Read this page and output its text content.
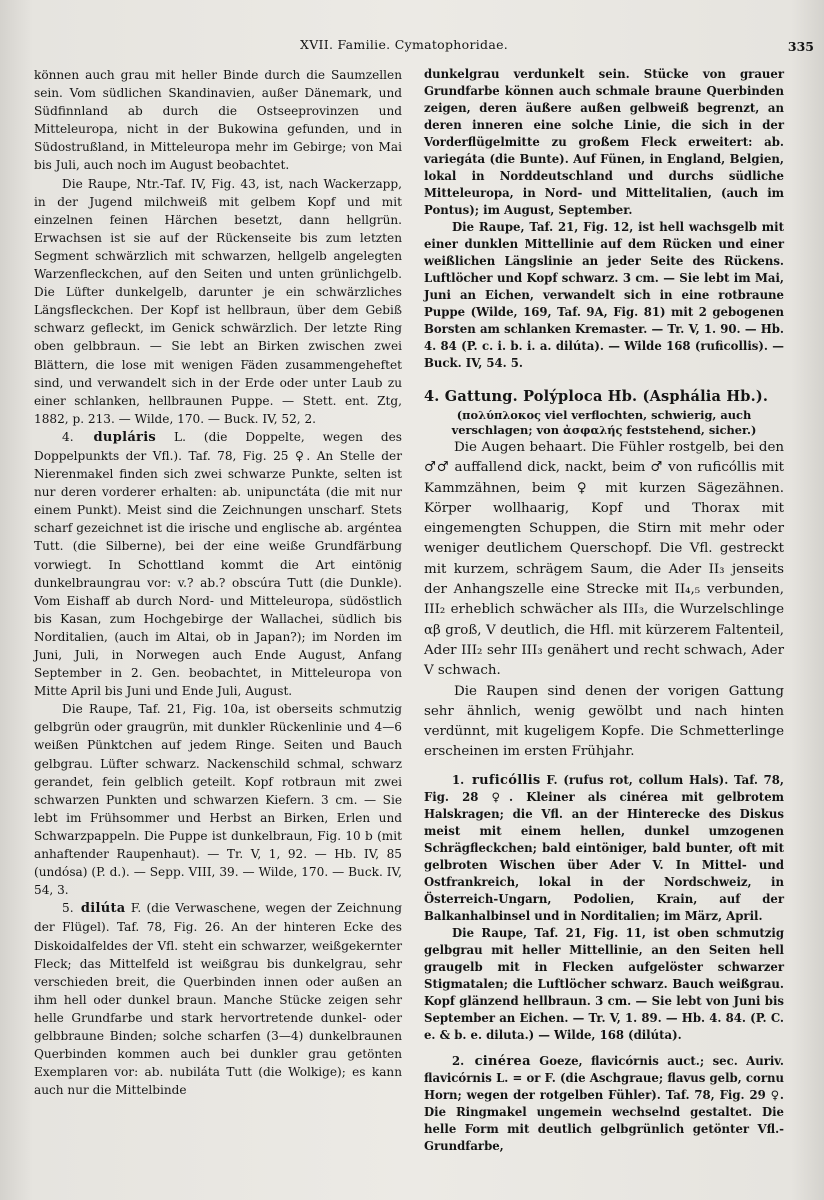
XVII. Familie. Cymatophoridae.	335

können auch grau mit heller Binde durch die Saumzellen sein. Vom südlichen Skandinavien, außer Dänemark, und Südfinnland ab durch die Ostseeprovinzen und Mitteleuropa, nicht in der Bukowina gefunden, und in Südostrußland, in Mitteleuropa mehr im Gebirge; von Mai bis Juli, auch noch im August beobachtet.

Die Raupe, Ntr.-Taf. IV, Fig. 43, ist, nach Wackerzapp, in der Jugend milchweiß mit gelbem Kopf und mit einzelnen feinen Härchen besetzt, dann hellgrün. Erwachsen ist sie auf der Rückenseite bis zum letzten Segment schwärzlich mit schwarzen, hellgelb angelegten Warzenfleckchen, auf den Seiten und unten grünlichgelb. Die Lüfter dunkelgelb, darunter je ein schwärzliches Längsfleckchen. Der Kopf ist hellbraun, über dem Gebiß schwarz gefleckt, im Genick schwärzlich. Der letzte Ring oben gelbbraun. — Sie lebt an Birken zwischen zwei Blättern, die lose mit wenigen Fäden zusammengeheftet sind, und verwandelt sich in der Erde oder unter Laub zu einer schlanken, hellbraunen Puppe. — Stett. ent. Ztg, 1882, p. 213. — Wilde, 170. — Buck. IV, 52, 2.

4. dupláris L. (die Doppelte, wegen des Doppelpunkts der Vfl.). Taf. 78, Fig. 25 ♀. An Stelle der Nierenmakel finden sich zwei schwarze Punkte, selten ist nur deren vorderer erhalten: ab. unipunctáta (die mit nur einem Punkt). Meist sind die Zeichnungen unscharf. Stets scharf gezeichnet ist die irische und englische ab. argéntea Tutt. (die Silberne), bei der eine weiße Grundfärbung vorwiegt. In Schottland kommt die Art eintönig dunkelbraungrau vor: v.? ab.? obscúra Tutt (die Dunkle). Vom Eishaff ab durch Nord- und Mitteleuropa, südöstlich bis Kasan, zum Hochgebirge der Wallachei, südlich bis Norditalien, (auch im Altai, ob in Japan?); im Norden im Juni, Juli, in Norwegen auch Ende August, Anfang September in 2. Gen. beobachtet, in Mitteleuropa von Mitte April bis Juni und Ende Juli, August.

Die Raupe, Taf. 21, Fig. 10a, ist oberseits schmutzig gelbgrün oder graugrün, mit dunkler Rückenlinie und 4—6 weißen Pünktchen auf jedem Ringe. Seiten und Bauch gelbgrau. Lüfter schwarz. Nackenschild schmal, schwarz gerandet, fein gelblich geteilt. Kopf rotbraun mit zwei schwarzen Punkten und schwarzen Kiefern. 3 cm. — Sie lebt im Frühsommer und Herbst an Birken, Erlen und Schwarzpappeln. Die Puppe ist dunkelbraun, Fig. 10 b (mit anhaftender Raupenhaut). — Tr. V, 1, 92. — Hb. IV, 85 (undósa) (P. d.). — Sepp. VIII, 39. — Wilde, 170. — Buck. IV, 54, 3.

5. dilúta F. (die Verwaschene, wegen der Zeichnung der Flügel). Taf. 78, Fig. 26. An der hinteren Ecke des Diskoidalfeldes der Vfl. steht ein schwarzer, weißgekernter Fleck; das Mittelfeld ist weißgrau bis dunkelgrau, sehr verschieden breit, die Querbinden innen oder außen an ihm hell oder dunkel braun. Manche Stücke zeigen sehr helle Grundfarbe und stark hervortretende dunkel- oder gelbbraune Binden; solche scharfen (3—4) dunkelbraunen Querbinden kommen auch bei dunkler grau getönten Exemplaren vor: ab. nubiláta Tutt (die Wolkige); es kann auch nur die Mittelbinde

dunkelgrau verdunkelt sein. Stücke von grauer Grundfarbe können auch schmale braune Querbinden zeigen, deren äußere außen gelbweiß begrenzt, an deren inneren eine solche Linie, die sich in der Vorderflügelmitte zu großem Fleck erweitert: ab. variegáta (die Bunte). Auf Fünen, in England, Belgien, lokal in Norddeutschland und durchs südliche Mitteleuropa, in Nord- und Mittelitalien, (auch im Pontus); im August, September.

Die Raupe, Taf. 21, Fig. 12, ist hell wachsgelb mit einer dunklen Mittellinie auf dem Rücken und einer weißlichen Längslinie an jeder Seite des Rückens. Luftlöcher und Kopf schwarz. 3 cm. — Sie lebt im Mai, Juni an Eichen, verwandelt sich in eine rotbraune Puppe (Wilde, 169, Taf. 9A, Fig. 81) mit 2 gebogenen Borsten am schlanken Kremaster. — Tr. V, 1. 90. — Hb. 4. 84 (P. c. i. b. i. a. dilúta). — Wilde 168 (ruficollis). — Buck. IV, 54. 5.

4. Gattung. Polýploca Hb. (Asphália Hb.).
(πολύπλοκος viel verflochten, schwierig, auch verschlagen; von ἀσφαλής feststehend, sicher.)

Die Augen behaart. Die Fühler rostgelb, bei den ♂♂ auffallend dick, nackt, beim ♂ von ruficóllis mit Kammzähnen, beim ♀ mit kurzen Sägezähnen. Körper wollhaarig, Kopf und Thorax mit eingemengten Schuppen, die Stirn mit mehr oder weniger deutlichem Querschopf. Die Vfl. gestreckt mit kurzem, schrägem Saum, die Ader II₃ jenseits der Anhangszelle eine Strecke mit II₄,₅ verbunden, III₂ erheblich schwächer als III₃, die Wurzelschlinge αβ groß, V deutlich, die Hfl. mit kürzerem Faltenteil, Ader III₂ sehr III₃ genähert und recht schwach, Ader V schwach.

Die Raupen sind denen der vorigen Gattung sehr ähnlich, wenig gewölbt und nach hinten verdünnt, mit kugeligem Kopfe. Die Schmetterlinge erscheinen im ersten Frühjahr.

1. ruficóllis F. (rufus rot, collum Hals). Taf. 78, Fig. 28 ♀. Kleiner als cinérea mit gelbrotem Halskragen; die Vfl. an der Hinterecke des Diskus meist mit einem hellen, dunkel umzogenen Schrägfleckchen; bald eintöniger, bald bunter, oft mit gelbroten Wischen über Ader V. In Mittel- und Ostfrankreich, lokal in der Nordschweiz, in Österreich-Ungarn, Podolien, Krain, auf der Balkanhalbinsel und in Norditalien; im März, April.

Die Raupe, Taf. 21, Fig. 11, ist oben schmutzig gelbgrau mit heller Mittellinie, an den Seiten hell graugelb mit in Flecken aufgelöster schwarzer Stigmatalen; die Luftlöcher schwarz. Bauch weißgrau. Kopf glänzend hellbraun. 3 cm. — Sie lebt von Juni bis September an Eichen. — Tr. V, 1. 89. — Hb. 4. 84. (P. C. e. & b. e. diluta.) — Wilde, 168 (dilúta).

2. cinérea Goeze, flavicórnis auct.; sec. Auriv. flavicórnis L. = or F. (die Aschgraue; flavus gelb, cornu Horn; wegen der rotgelben Fühler). Taf. 78, Fig. 29 ♀. Die Ringmakel ungemein wechselnd gestaltet. Die helle Form mit deutlich gelbgrünlich getönter Vfl.-Grundfarbe,
